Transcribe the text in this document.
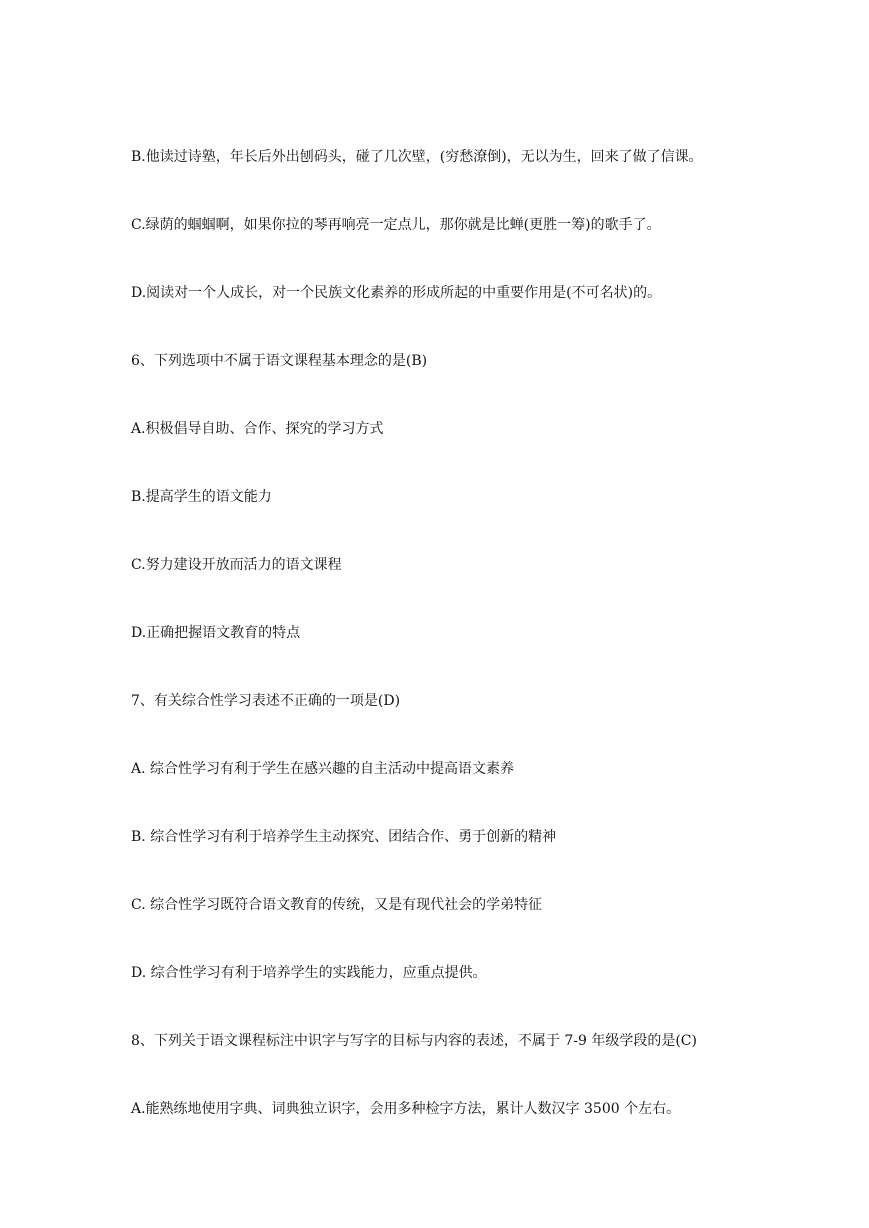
B.他读过诗塾，年长后外出刨码头，碰了几次壁，(穷愁潦倒)，无以为生，回来了做了信课。
C.绿荫的蝈蝈啊，如果你拉的琴再响亮一定点儿，那你就是比蝉(更胜一筹)的歌手了。
D.阅读对一个人成长，对一个民族文化素养的形成所起的中重要作用是(不可名状)的。
6、下列选项中不属于语文课程基本理念的是(B)
A.积极倡导自助、合作、探究的学习方式
B.提高学生的语文能力
C.努力建设开放而活力的语文课程
D.正确把握语文教育的特点
7、有关综合性学习表述不正确的一项是(D)
A. 综合性学习有利于学生在感兴趣的自主活动中提高语文素养
B. 综合性学习有利于培养学生主动探究、团结合作、勇于创新的精神
C. 综合性学习既符合语文教育的传统，又是有现代社会的学弟特征
D. 综合性学习有利于培养学生的实践能力，应重点提供。
8、下列关于语文课程标注中识字与写字的目标与内容的表述，不属于 7-9 年级学段的是(C)
A.能熟练地使用字典、词典独立识字，会用多种检字方法，累计人数汉字 3500 个左右。
